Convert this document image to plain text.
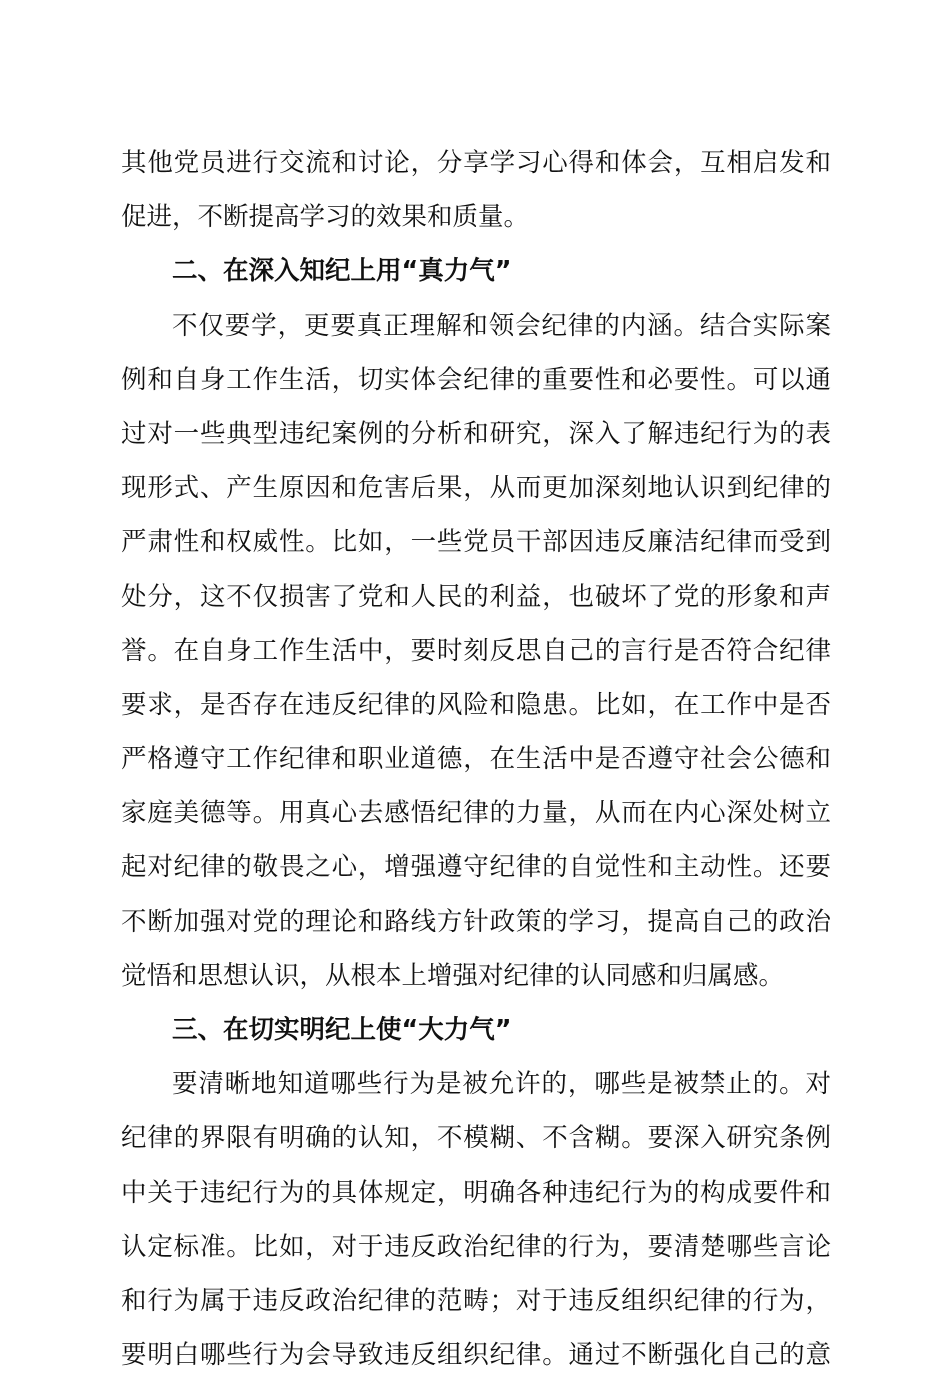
其他党员进行交流和讨论，分享学习心得和体会，互相启发和
促进，不断提高学习的效果和质量。
二、在深入知纪上用“真力气”
不仅要学，更要真正理解和领会纪律的内涵。结合实际案
例和自身工作生活，切实体会纪律的重要性和必要性。可以通
过对一些典型违纪案例的分析和研究，深入了解违纪行为的表
现形式、产生原因和危害后果，从而更加深刻地认识到纪律的
严肃性和权威性。比如，一些党员干部因违反廉洁纪律而受到
处分，这不仅损害了党和人民的利益，也破坏了党的形象和声
誉。在自身工作生活中，要时刻反思自己的言行是否符合纪律
要求，是否存在违反纪律的风险和隐患。比如，在工作中是否
严格遵守工作纪律和职业道德，在生活中是否遵守社会公德和
家庭美德等。用真心去感悟纪律的力量，从而在内心深处树立
起对纪律的敬畏之心，增强遵守纪律的自觉性和主动性。还要
不断加强对党的理论和路线方针政策的学习，提高自己的政治
觉悟和思想认识，从根本上增强对纪律的认同感和归属感。
三、在切实明纪上使“大力气”
要清晰地知道哪些行为是被允许的，哪些是被禁止的。对
纪律的界限有明确的认知，不模糊、不含糊。要深入研究条例
中关于违纪行为的具体规定，明确各种违纪行为的构成要件和
认定标准。比如，对于违反政治纪律的行为，要清楚哪些言论
和行为属于违反政治纪律的范畴；对于违反组织纪律的行为，
要明白哪些行为会导致违反组织纪律。通过不断强化自己的意
